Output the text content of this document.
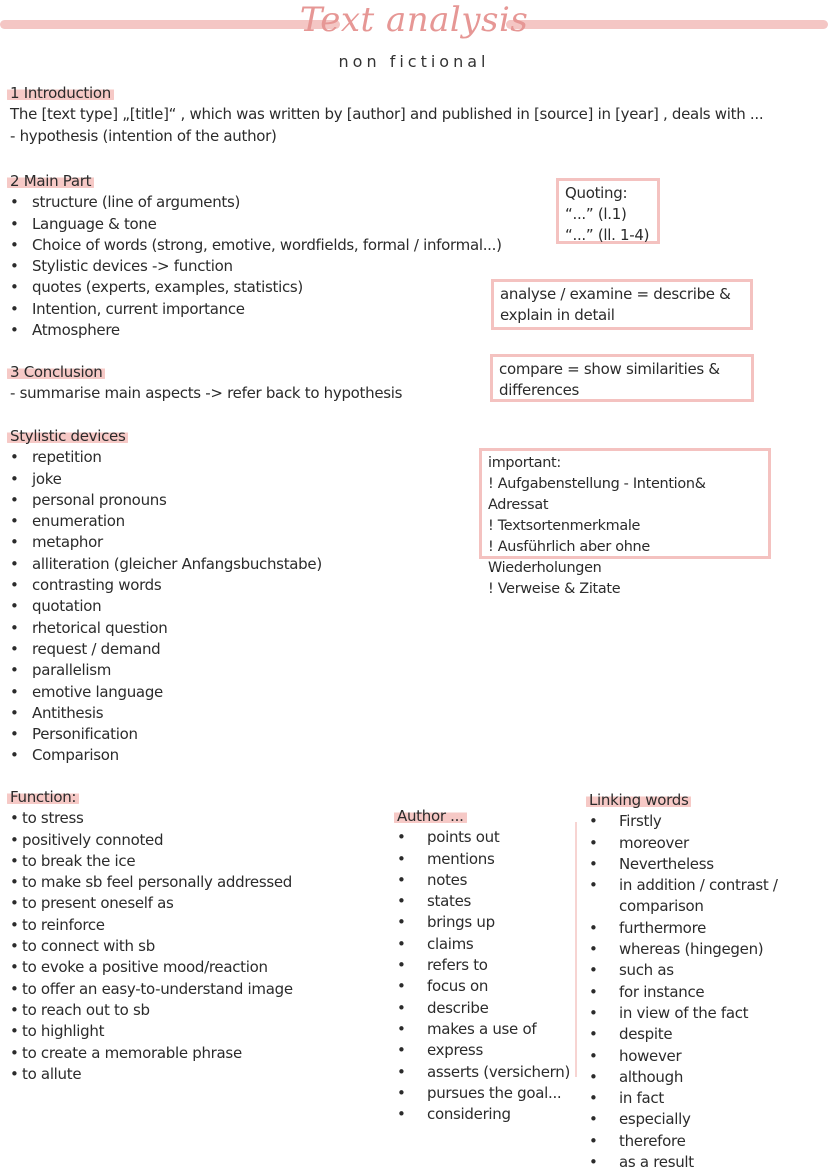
Text analysis
non fictional
1 Introduction
The [text type] „[title]“ , which was written by [author] and published in [source] in [year] , deals with ...
- hypothesis (intention of the author)
2 Main Part
• structure (line of arguments)
• Language & tone
• Choice of words (strong, emotive, wordfields, formal / informal...)
• Stylistic devices -> function
• quotes (experts, examples, statistics)
• Intention, current importance
• Atmosphere
3 Conclusion
- summarise main aspects -> refer back to hypothesis
Quoting:
“...” (l.1)
“...” (ll. 1-4)
analyse / examine = describe &
explain in detail
compare = show similarities &
differences
important:
! Aufgabenstellung - Intention& Adressat
! Textsortenmerkmale
! Ausführlich aber ohne Wiederholungen
! Verweise & Zitate
Stylistic devices
• repetition
• joke
• personal pronouns
• enumeration
• metaphor
• alliteration (gleicher Anfangsbuchstabe)
• contrasting words
• quotation
• rhetorical question
• request / demand
• parallelism
• emotive language
• Antithesis
• Personification
• Comparison
Function:
• to stress
• positively connoted
• to break the ice
• to make sb feel personally addressed
• to present oneself as
• to reinforce
• to connect with sb
• to evoke a positive mood/reaction
• to offer an easy-to-understand image
• to reach out to sb
• to highlight
• to create a memorable phrase
• to allute
Author ...
• points out
• mentions
• notes
• states
• brings up
• claims
• refers to
• focus on
• describe
• makes a use of
• express
• asserts (versichern)
• pursues the goal...
• considering
Linking words
• Firstly
• moreover
• Nevertheless
• in addition / contrast /
comparison
• furthermore
• whereas (hingegen)
• such as
• for instance
• in view of the fact
• despite
• however
• although
• in fact
• especially
• therefore
• as a result
